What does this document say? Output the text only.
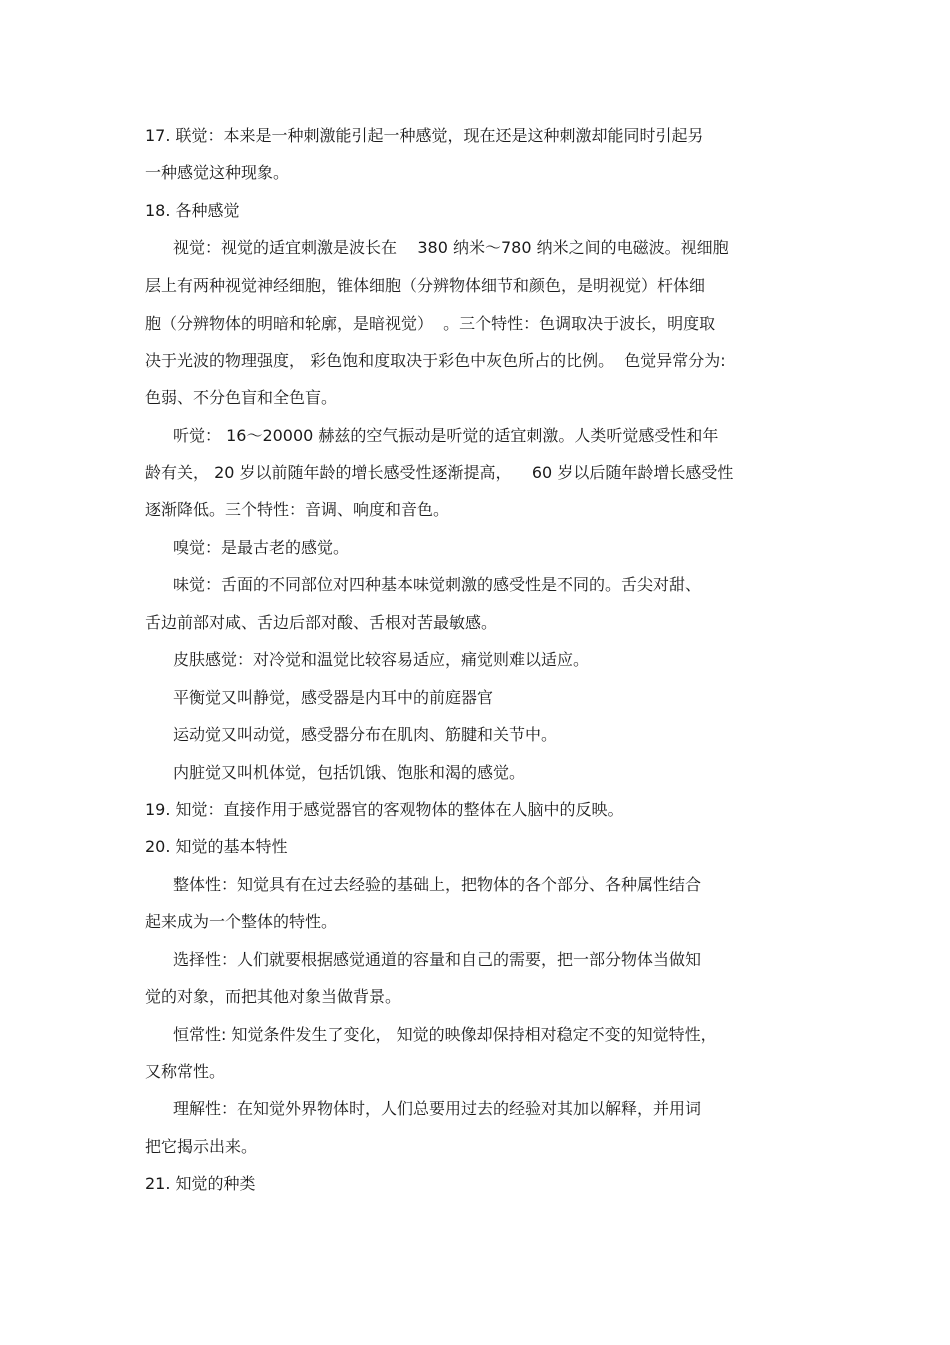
17. 联觉：本来是一种刺激能引起一种感觉，现在还是这种刺激却能同时引起另

一种感觉这种现象。

18. 各种感觉

视觉：视觉的适宜刺激是波长在    380 纳米～780 纳米之间的电磁波。视细胞

层上有两种视觉神经细胞，锥体细胞（分辨物体细节和颜色，是明视觉）杆体细

胞（分辨物体的明暗和轮廓，是暗视觉）  。三个特性：色调取决于波长，明度取

决于光波的物理强度， 彩色饱和度取决于彩色中灰色所占的比例。  色觉异常分为:

色弱、不分色盲和全色盲。

听觉： 16～20000 赫兹的空气振动是听觉的适宜刺激。人类听觉感受性和年

龄有关， 20 岁以前随年龄的增长感受性逐渐提高，    60 岁以后随年龄增长感受性

逐渐降低。三个特性：音调、响度和音色。

嗅觉：是最古老的感觉。

味觉：舌面的不同部位对四种基本味觉刺激的感受性是不同的。舌尖对甜、

舌边前部对咸、舌边后部对酸、舌根对苦最敏感。

皮肤感觉：对冷觉和温觉比较容易适应，痛觉则难以适应。

平衡觉又叫静觉，感受器是内耳中的前庭器官

运动觉又叫动觉，感受器分布在肌肉、筋腱和关节中。

内脏觉又叫机体觉，包括饥饿、饱胀和渴的感觉。

19. 知觉：直接作用于感觉器官的客观物体的整体在人脑中的反映。

20. 知觉的基本特性

整体性：知觉具有在过去经验的基础上，把物体的各个部分、各种属性结合

起来成为一个整体的特性。

选择性：人们就要根据感觉通道的容量和自己的需要，把一部分物体当做知

觉的对象，而把其他对象当做背景。

恒常性: 知觉条件发生了变化， 知觉的映像却保持相对稳定不变的知觉特性，

又称常性。

理解性：在知觉外界物体时，人们总要用过去的经验对其加以解释，并用词

把它揭示出来。

21. 知觉的种类
